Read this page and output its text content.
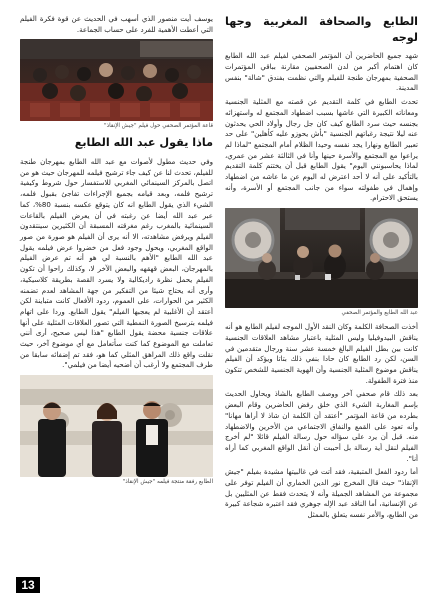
الطابع والصحافة المغربية وجها لوجه

شهد جميع الحاضرين أن المؤتمر الصحفي لفيلم عبد الله الطابع كان اهتمام أكبر من لدن الصحفيين مقارنة بباقي المؤتمرات الصحفية بمهرجان طنجة للفيلم والتي نظمت بفندق "شالة" بنفس المدينة.

تحدث الطابع في كلمة التقديم عن قصته مع المثلية الجنسية ومعاناته الكبيرة التي عاشها بسبب اضطهاد المجتمع له واستهزائه بجنسه حيث سرد الطابع كيف كان جل رجال وأولاد الحي يحدثون عنه ليلا نتيجة رغباتهم الجنسية "بأش يحوزو عليه كأهلين" على حد تعبير الطابع ونهارا يجد نفسه وحيدا الظلام أمام المجتمع "لماذا لم يراعوا مع المجتمع والأسرة حينها وأنا في الثالثة عشر من عمري، لماذا يحاسبونني اليوم" يقول الطابع قبل أن يختتم كلمة التقديم بالتأكيد على أنه لا أحد اعترض له اليوم عن ما عاشه من اضطهاد وإهمال في طفولته سواء من جانب المجتمع أو الأسرة، وأنه يستحق الاحترام.

عبد الله الطابع والمؤتمر الصحفي

أخذت الصحافة الكلمة وكان النقد الأول الموجه لفيلم الطابع هو أنه يناقش البيدوفيليا وليس المثلية باعتبار مشاهد العلاقات الجنسية كانت بين بطل الفيلم البالغ خمسة عشر سنة ورجال متقدمين في السن، لكن رد الطابع كان حادا بنفي ذلك بتاتا ويؤكد أن الفيلم يناقش موضوع المثلية الجنسية وأن الهوية الجنسية للشخص تتكون منذ فترة الطفولة.

بعد ذلك قام صحفي آخر ووصف الطابع بالشاذ ويحاول الحديث بإسم المغاربة الشيء الذي خلق رفض الحاضرين وقام البعض بطرده من قاعة المؤتمر "أعتقد أن الكلمة ان شاذ لا أراها مهانا" وأنه تعود على القمع والنفاق الاجتماعي من الأخرين والاضطهاد منه. قبل أن يرد على سؤاله حول رسالة الفيلم قائلا "لم أخرج الفيلم لنقل أية رسالة بل أحببت أن أنقل الواقع المغربي كما أراه أنا".

أما ردود الفعل المتبقية، فقد أتت في غالبيتها مشيدة بفيلم "جيش الإنقاذ" حيث قال المخرج نور الدين الخماري أن الفيلم توفر على مجموعة من المشاهد الجميلة وأنه لا يتحدث فقط عن المثليين بل عن الإنسانية، أما الناقد عبد الإله جوهري فقد اعتبره شجاعة كبيرة من الطابع، والأمر نفسه يتعلق بالممثل

يوسف أيت منصور الذي أسهب في الحديث عن قوة فكرة الفيلم التي أعطت الأهمية للفرد على حساب الجماعة.

قاعة المؤتمر الصحفي حول فيلم "جيش الإنقاذ"
ماذا يقول عبد الله الطابع

وفي حديث مطول لأصوات مع عبد الله الطابع بمهرجان طنجة للفيلم، تحدث لنا عن كيف جاء ترشيح فيلمه للمهرجان حيث هو من اتصل بالمركز السينمائي المغربي للاستفسار حول شروط وكيفية ترشيح فلمه، وبعد قيامه بجميع الإجراءات تفاجئ بقبول فلمه، الشيء الذي يقول الطابع انه كان يتوقع عكسه بنسبة 80%، كما عبر عبد الله أيضا عن رغبته في أن يعرض الفيلم بالقاعات السينمائية بالمغرب رغم مغرقته المسبقة أن الكثيرين سينتقدون الفيلم ويرفض مشاهدته، الا أنه يرى أن الفيلم هو صورة من صور الواقع المغربي، ويحول وجود فعل من خضروا عرض فيلمه يقول عبد الله الطابع "الأهم بالنسبة لي هو أنه تم عرض الفيلم بالمهرجان، البعض قهقهه والبعض الآخر لا، وكذلك راحوا أن تكون الفيلم يحمل نظرة راديكالية ولا يسرد القصة بطريقة كلاسيكية، وأرى أنه يحتاج شيئا من التفكير من جهة المشاهد لعدم تضمنه الكثير من الحوارات، على العموم، ردود الأفعال كانت متباينة لكن أعتقد أن الأغلبية لم يعجبها الفيلم" يقول الطابع. وردا على اتهام فيلمه بترسيخ الصورة النمطية التي تصور العلاقات المثلية على أنها علاقات جنسية محضة يقول الطابع "هذا ليس صحيح، أرى أنني تعاملت مع الموضوع كما كنت سأتعامل مع أي موضوع آخر، حيث نقلت واقع ذلك المراهق المثلي كما هو، فقد تم إضفائه سابقا من طرف المجتمع ولا أرغب أن أضحيه أيضا من فيلمي".

الطابع رفقة منتجة فيلمه "جيش الإنقاذ"
13
